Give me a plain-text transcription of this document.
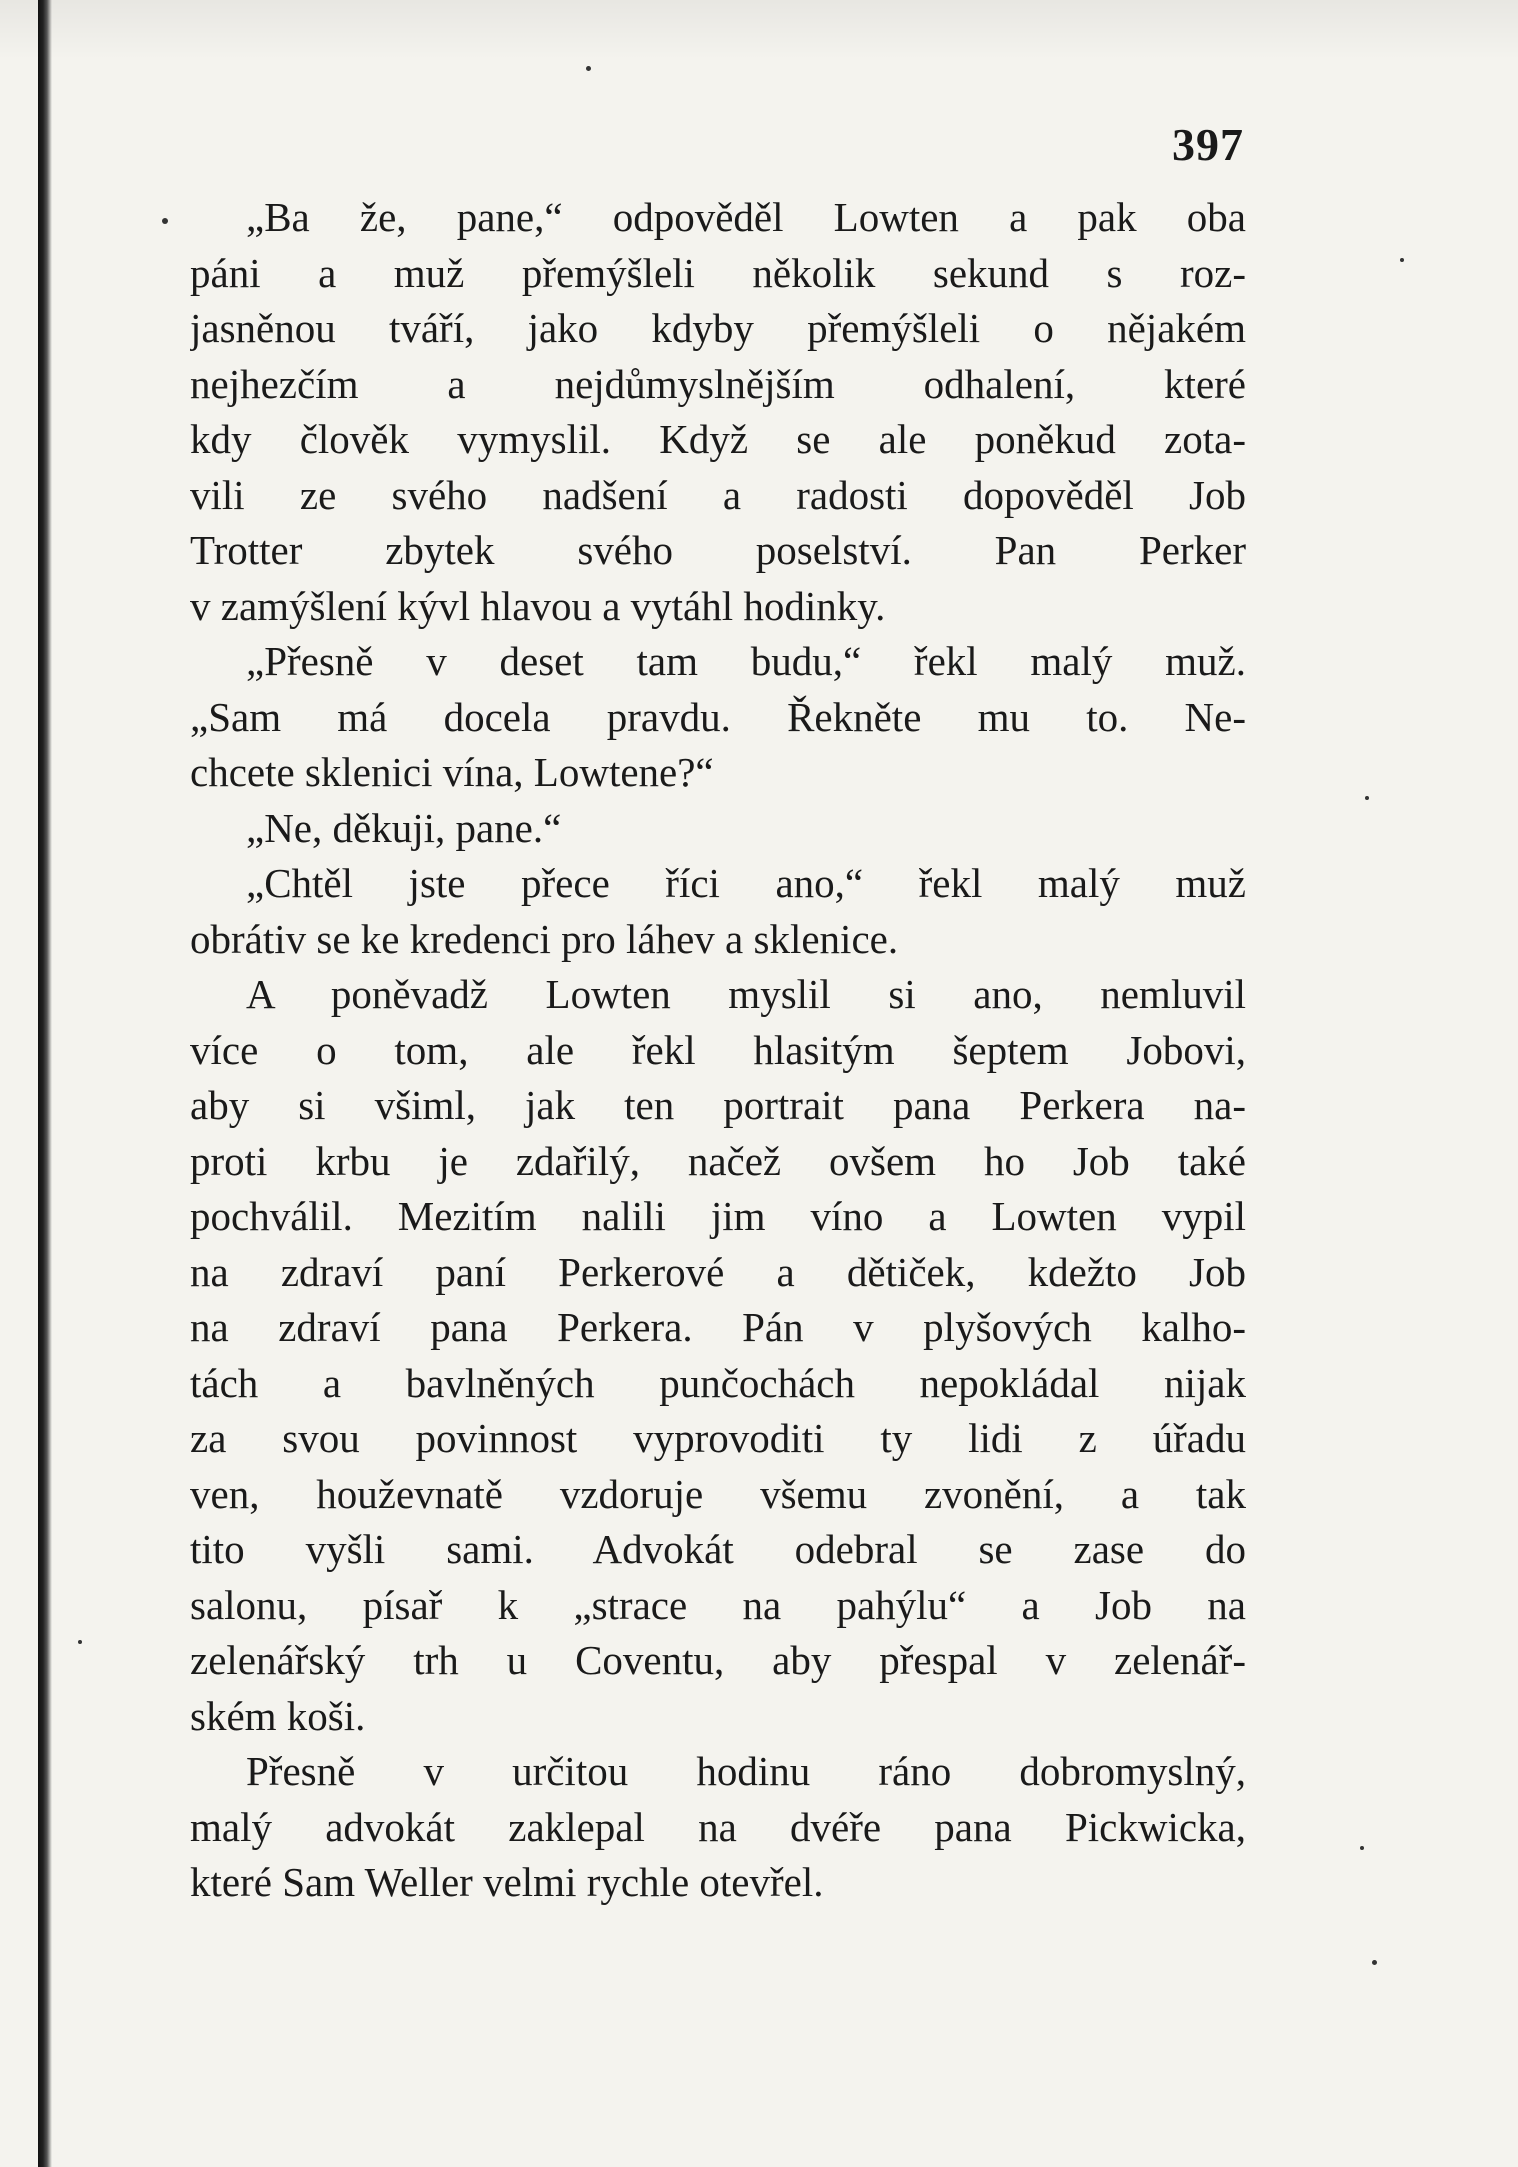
397
„Ba že, pane,“ odpověděl Lowten a pak oba
páni a muž přemýšleli několik sekund s roz-
jasněnou tváří, jako kdyby přemýšleli o nějakém
nejhezčím a nejdůmyslnějším odhalení, které
kdy člověk vymyslil. Když se ale poněkud zota-
vili ze svého nadšení a radosti dopověděl Job
Trotter zbytek svého poselství. Pan Perker
v zamýšlení kývl hlavou a vytáhl hodinky.
„Přesně v deset tam budu,“ řekl malý muž.
„Sam má docela pravdu. Řekněte mu to. Ne-
chcete sklenici vína, Lowtene?“
„Ne, děkuji, pane.“
„Chtěl jste přece říci ano,“ řekl malý muž
obrátiv se ke kredenci pro láhev a sklenice.
A poněvadž Lowten myslil si ano, nemluvil
více o tom, ale řekl hlasitým šeptem Jobovi,
aby si všiml, jak ten portrait pana Perkera na-
proti krbu je zdařilý, načež ovšem ho Job také
pochválil. Mezitím nalili jim víno a Lowten vypil
na zdraví paní Perkerové a dětiček, kdežto Job
na zdraví pana Perkera. Pán v plyšových kalho-
tách a bavlněných punčochách nepokládal nijak
za svou povinnost vyprovoditi ty lidi z úřadu
ven, houževnatě vzdoruje všemu zvonění, a tak
tito vyšli sami. Advokát odebral se zase do
salonu, písař k „strace na pahýlu“ a Job na
zelenářský trh u Coventu, aby přespal v zelenář-
ském koši.
Přesně v určitou hodinu ráno dobromyslný,
malý advokát zaklepal na dvéře pana Pickwicka,
které Sam Weller velmi rychle otevřel.
